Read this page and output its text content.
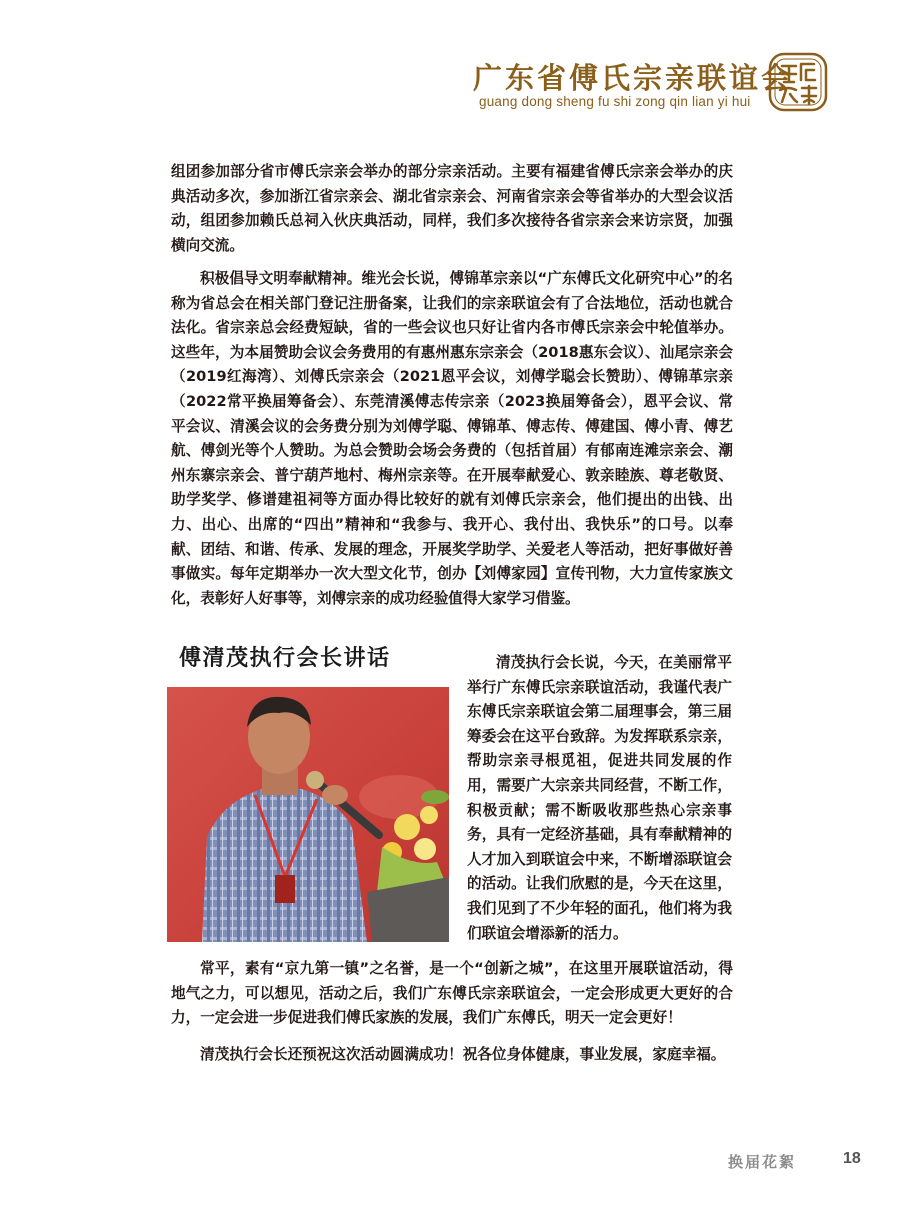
广东省傅氏宗亲联谊会
guang dong sheng fu shi zong qin lian yi hui

组团参加部分省市傅氏宗亲会举办的部分宗亲活动。主要有福建省傅氏宗亲会举办的庆典活动多次，参加浙江省宗亲会、湖北省宗亲会、河南省宗亲会等省举办的大型会议活动，组团参加赖氏总祠入伙庆典活动，同样，我们多次接待各省宗亲会来访宗贤，加强横向交流。

积极倡导文明奉献精神。维光会长说，傅锦革宗亲以“广东傅氏文化研究中心”的名称为省总会在相关部门登记注册备案，让我们的宗亲联谊会有了合法地位，活动也就合法化。省宗亲总会经费短缺，省的一些会议也只好让省内各市傅氏宗亲会中轮值举办。这些年，为本届赞助会议会务费用的有惠州惠东宗亲会（2018惠东会议）、汕尾宗亲会（2019红海湾）、刘傅氏宗亲会（2021恩平会议，刘傅学聪会长赞助）、傅锦革宗亲（2022常平换届筹备会）、东莞清溪傅志传宗亲（2023换届筹备会），恩平会议、常平会议、清溪会议的会务费分别为刘傅学聪、傅锦革、傅志传、傅建国、傅小青、傅艺航、傅剑光等个人赞助。为总会赞助会场会务费的（包括首届）有郁南连滩宗亲会、潮州东寨宗亲会、普宁葫芦地村、梅州宗亲等。在开展奉献爱心、敦亲睦族、尊老敬贤、助学奖学、修谱建祖祠等方面办得比较好的就有刘傅氏宗亲会，他们提出的出钱、出力、出心、出席的“四出”精神和“我参与、我开心、我付出、我快乐”的口号。以奉献、团结、和谐、传承、发展的理念，开展奖学助学、关爱老人等活动，把好事做好善事做实。每年定期举办一次大型文化节，创办【刘傅家园】宣传刊物，大力宣传家族文化，表彰好人好事等，刘傅宗亲的成功经验值得大家学习借鉴。

傅清茂执行会长讲话	清茂执行会长说，今天，在美丽常平举行广东傅氏宗亲联谊活动，我谨代表广东傅氏宗亲联谊会第二届理事会，第三届筹委会在这平台致辞。为发挥联系宗亲，帮助宗亲寻根觅祖，促进共同发展的作用，需要广大宗亲共同经营，不断工作，积极贡献；需不断吸收那些热心宗亲事务，具有一定经济基础，具有奉献精神的人才加入到联谊会中来，不断增添联谊会的活动。让我们欣慰的是，今天在这里，我们见到了不少年轻的面孔，他们将为我们联谊会增添新的活力。

常平，素有“京九第一镇”之名誉，是一个“创新之城”，在这里开展联谊活动，得地气之力，可以想见，活动之后，我们广东傅氏宗亲联谊会，一定会形成更大更好的合力，一定会进一步促进我们傅氏家族的发展，我们广东傅氏，明天一定会更好！

清茂执行会长还预祝这次活动圆满成功！祝各位身体健康，事业发展，家庭幸福。

换届花絮	18
